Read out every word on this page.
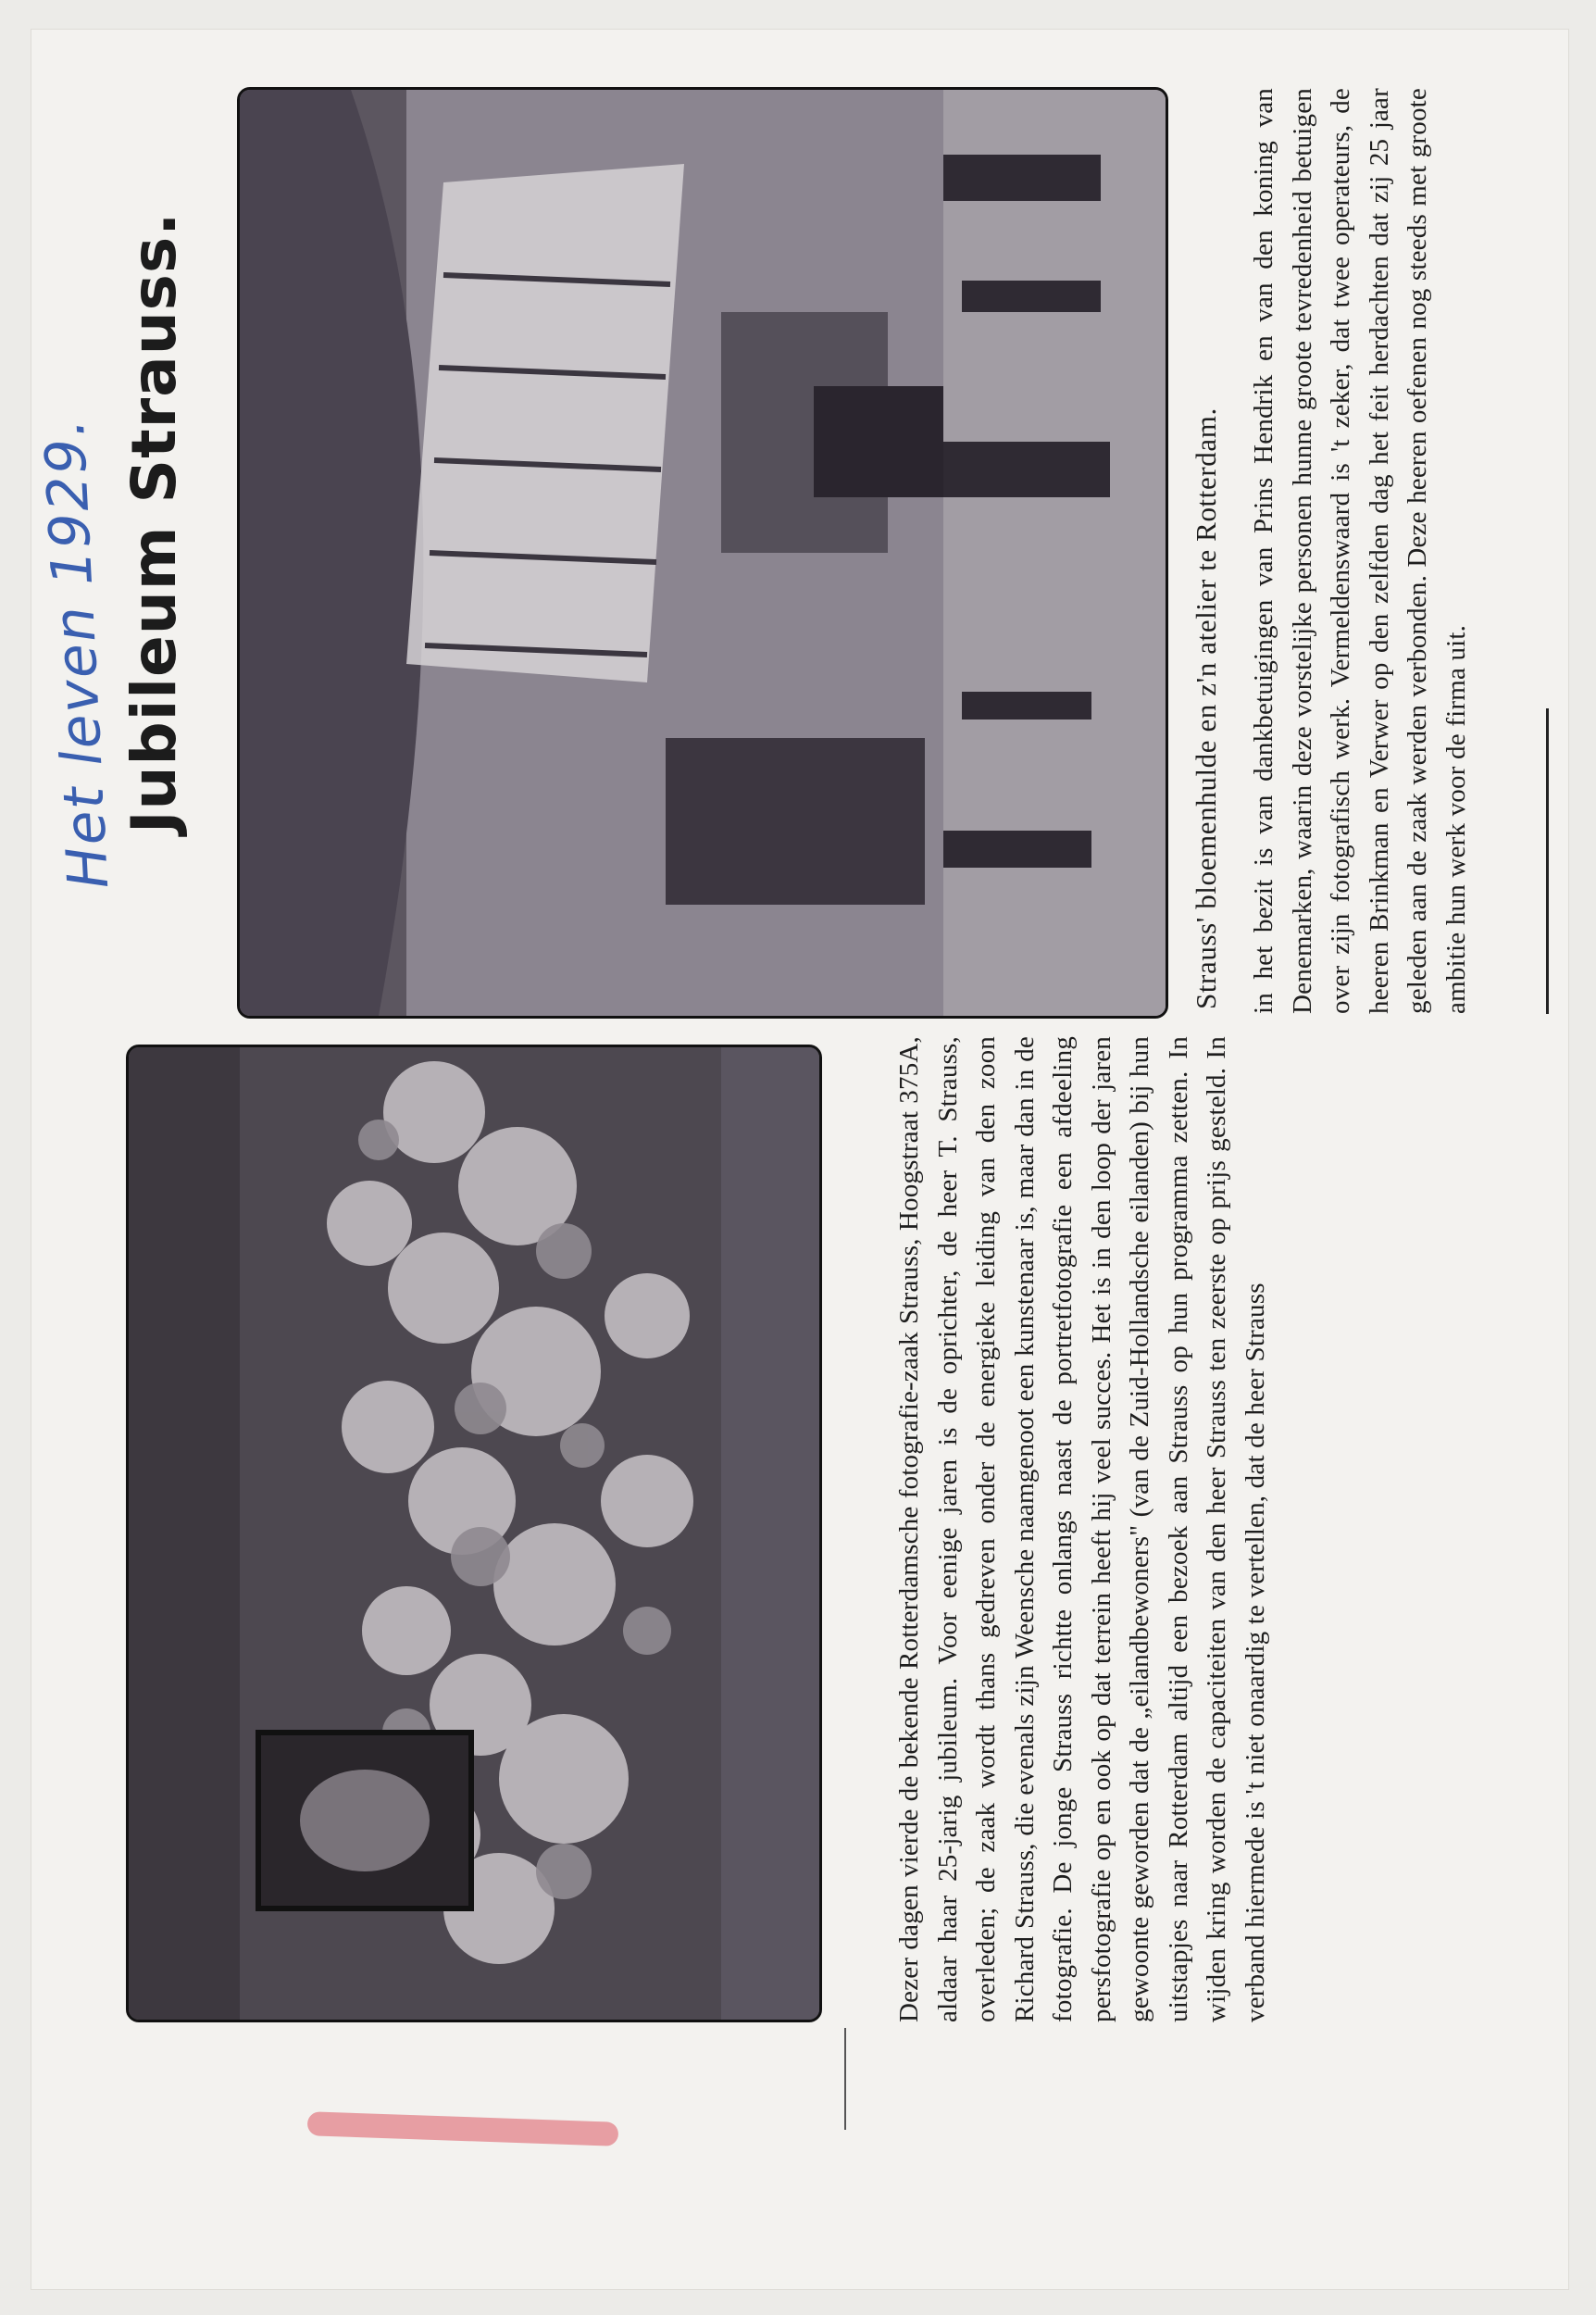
Jubileum Strauss.

Het leven 1929.	Strauss' bloemenhulde en z'n atelier te Rotterdam.

Dezer dagen vierde de bekende Rotterdamsche fotografie-zaak Strauss, Hoogstraat 375A, aldaar haar 25-jarig jubileum. Voor eenige jaren is de oprichter, de heer T. Strauss, overleden; de zaak wordt thans gedreven onder de energieke leiding van den zoon Richard Strauss, die evenals zijn Weensche naamgenoot een kunstenaar is, maar dan in de fotografie. De jonge Strauss richtte onlangs naast de portretfotografie een afdeeling persfotografie op en ook op dat terrein heeft hij veel succes. Het is in den loop der jaren gewoonte geworden dat de „eilandbewoners" (van de Zuid-Hollandsche eilanden) bij hun uitstapjes naar Rotterdam altijd een bezoek aan Strauss op hun programma zetten. In wijden kring worden de capaciteiten van den heer Strauss ten zeerste op prijs gesteld. In verband hiermede is 't niet onaardig te vertellen, dat de heer Strauss

in het bezit is van dankbetuigingen van Prins Hendrik en van den koning van Denemarken, waarin deze vorstelijke personen hunne groote tevredenheid betuigen over zijn fotografisch werk. Vermeldenswaard is 't zeker, dat twee operateurs, de heeren Brinkman en Verwer op den zelfden dag het feit herdachten dat zij 25 jaar geleden aan de zaak werden verbonden. Deze heeren oefenen nog steeds met groote ambitie hun werk voor de firma uit.
